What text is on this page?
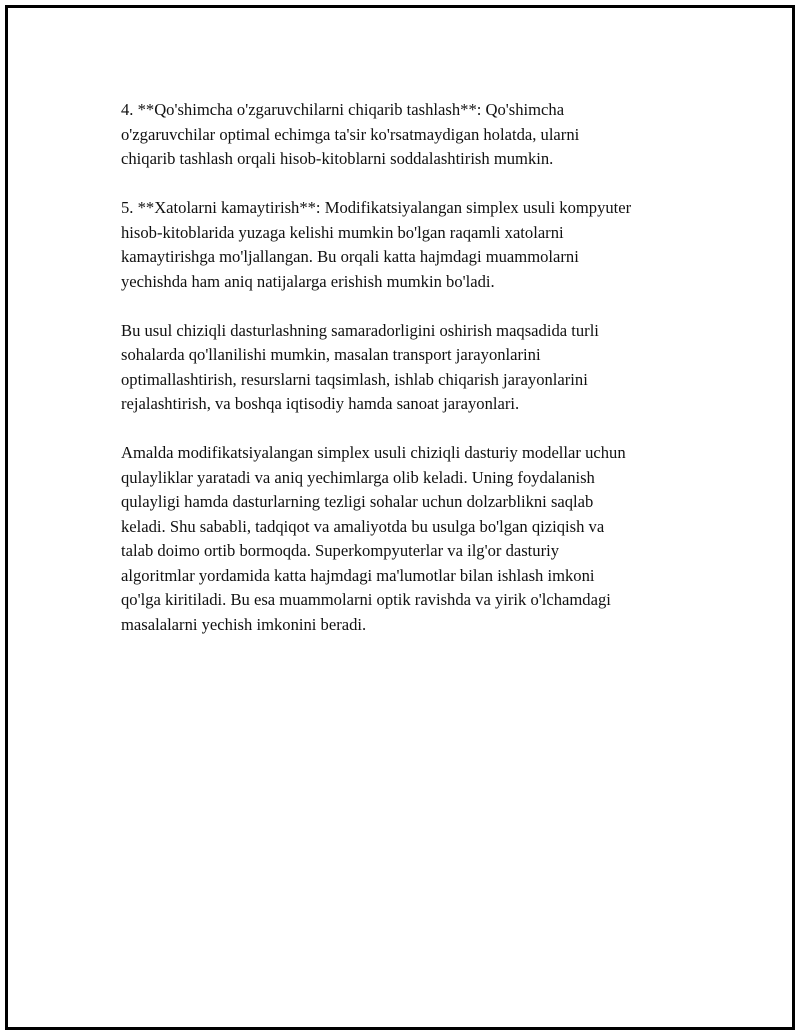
4. **Qo'shimcha o'zgaruvchilarni chiqarib tashlash**: Qo'shimcha
o'zgaruvchilar optimal echimga ta'sir ko'rsatmaydigan holatda, ularni
chiqarib tashlash orqali hisob-kitoblarni soddalashtirish mumkin.

5. **Xatolarni kamaytirish**: Modifikatsiyalangan simplex usuli kompyuter
hisob-kitoblarida yuzaga kelishi mumkin bo'lgan raqamli xatolarni
kamaytirishga mo'ljallangan. Bu orqali katta hajmdagi muammolarni
yechishda ham aniq natijalarga erishish mumkin bo'ladi.

Bu usul chiziqli dasturlashning samaradorligini oshirish maqsadida turli
sohalarda qo'llanilishi mumkin, masalan transport jarayonlarini
optimallashtirish, resurslarni taqsimlash, ishlab chiqarish jarayonlarini
rejalashtirish, va boshqa iqtisodiy hamda sanoat jarayonlari.

Amalda modifikatsiyalangan simplex usuli chiziqli dasturiy modellar uchun
qulayliklar yaratadi va aniq yechimlarga olib keladi. Uning foydalanish
qulayligi hamda dasturlarning tezligi sohalar uchun dolzarblikni saqlab
keladi. Shu sababli, tadqiqot va amaliyotda bu usulga bo'lgan qiziqish va
talab doimo ortib bormoqda. Superkompyuterlar va ilg'or dasturiy
algoritmlar yordamida katta hajmdagi ma'lumotlar bilan ishlash imkoni
qo'lga kiritiladi. Bu esa muammolarni optik ravishda va yirik o'lchamdagi
masalalarni yechish imkonini beradi.
